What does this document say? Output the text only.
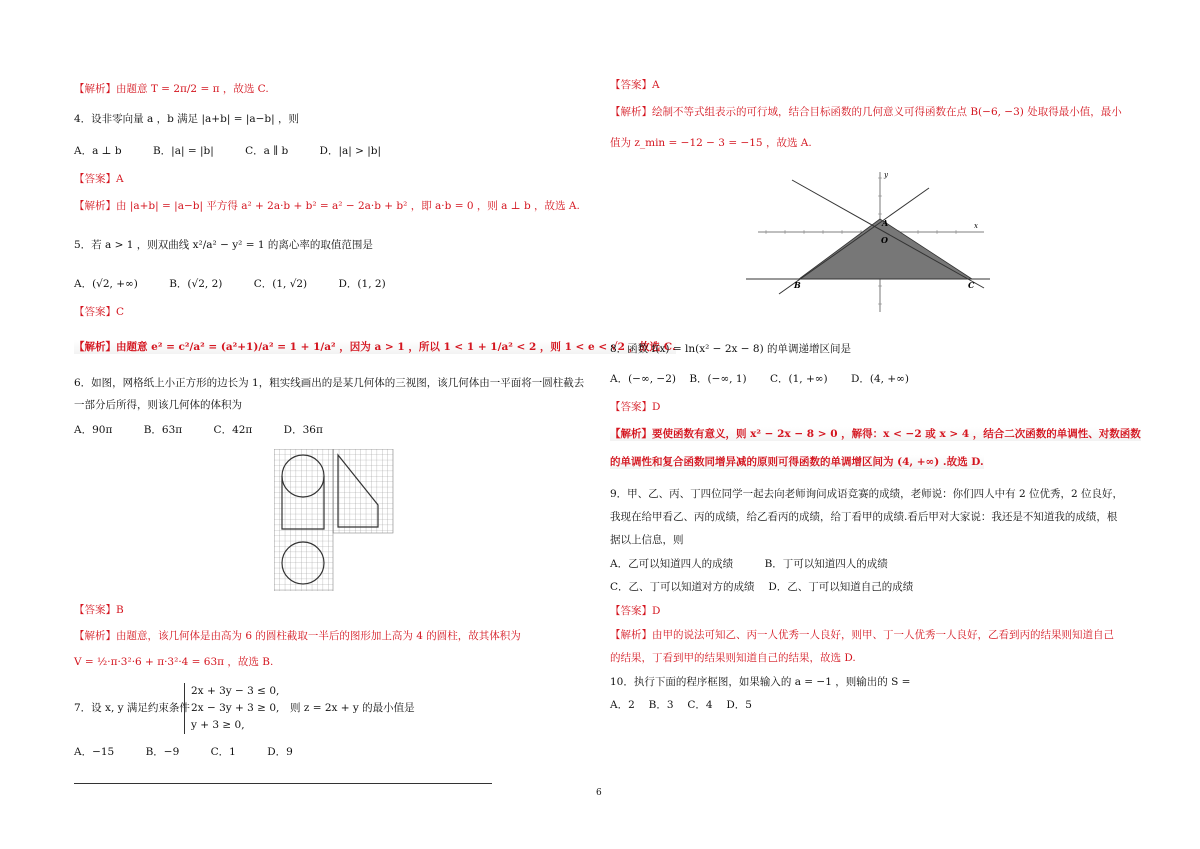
【解析】由题意 T = 2π/2 = π ，故选 C.
4．设非零向量 a ，b 满足 |a+b| = |a−b| ，则
A．a ⊥ b	B．|a| = |b|	C．a ∥ b	D．|a| > |b|
【答案】A
【解析】由 |a+b| = |a−b| 平方得 a² + 2a·b + b² = a² − 2a·b + b² ，即 a·b = 0 ，则 a ⊥ b ，故选 A.
5．若 a > 1 ，则双曲线 x²/a² − y² = 1 的离心率的取值范围是
A．(√2, +∞)	B．(√2, 2)	C．(1, √2)	D．(1, 2)
【答案】C
【解析】由题意 e² = c²/a² = (a²+1)/a² = 1 + 1/a² ，因为 a > 1 ，所以 1 < 1 + 1/a² < 2 ，则 1 < e < √2 ，故选 C.
6．如图，网格纸上小正方形的边长为 1，粗实线画出的是某几何体的三视图，该几何体由一平面将一圆柱截去
一部分后所得，则该几何体的体积为
A．90π	B．63π	C．42π	D．36π
【答案】B
【解析】由题意，该几何体是由高为 6 的圆柱截取一半后的图形加上高为 4 的圆柱，故其体积为
V = ½·π·3²·6 + π·3²·4 = 63π ，故选 B.
7．设 x, y 满足约束条件
2x + 3y − 3 ≤ 0,
2x − 3y + 3 ≥ 0,
y + 3 ≥ 0,
则 z = 2x + y 的最小值是
A．−15	B．−9	C．1	D．9
6
【答案】A
【解析】绘制不等式组表示的可行域，结合目标函数的几何意义可得函数在点 B(−6, −3) 处取得最小值，最小
值为 z_min = −12 − 3 = −15 ，故选 A.
x
y
A
O
B	C
8．函数 f(x) = ln(x² − 2x − 8) 的单调递增区间是
A．(−∞, −2) B．(−∞, 1) C．(1, +∞) D．(4, +∞)
【答案】D
【解析】要使函数有意义，则 x² − 2x − 8 > 0 ，解得：x < −2 或 x > 4 ，结合二次函数的单调性、对数函数
的单调性和复合函数同增异减的原则可得函数的单调增区间为 (4, +∞) .故选 D.
9．甲、乙、丙、丁四位同学一起去向老师询问成语竞赛的成绩，老师说：你们四人中有 2 位优秀，2 位良好，
我现在给甲看乙、丙的成绩，给乙看丙的成绩，给丁看甲的成绩.看后甲对大家说：我还是不知道我的成绩，根
据以上信息，则
A．乙可以知道四人的成绩　　　B．丁可以知道四人的成绩
C．乙、丁可以知道对方的成绩　 D．乙、丁可以知道自己的成绩
【答案】D
【解析】由甲的说法可知乙、丙一人优秀一人良好，则甲、丁一人优秀一人良好，乙看到丙的结果则知道自己
的结果，丁看到甲的结果则知道自己的结果，故选 D.
10．执行下面的程序框图，如果输入的 a = −1 ，则输出的 S =
A．2　 B．3　 C．4　 D．5
